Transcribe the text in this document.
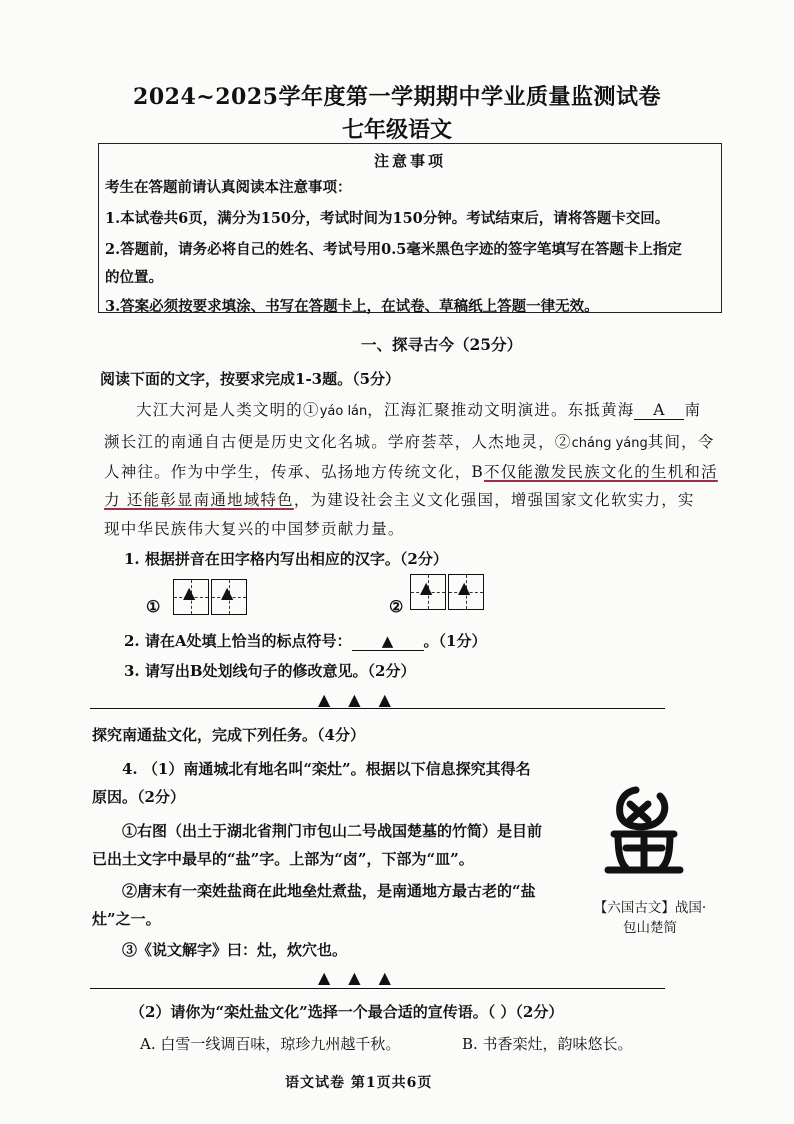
2024~2025学年度第一学期期中学业质量监测试卷
七年级语文
注意事项
考生在答题前请认真阅读本注意事项：
1.本试卷共6页，满分为150分，考试时间为150分钟。考试结束后，请将答题卡交回。
2.答题前，请务必将自己的姓名、考试号用0.5毫米黑色字迹的签字笔填写在答题卡上指定
的位置。
3.答案必须按要求填涂、书写在答题卡上，在试卷、草稿纸上答题一律无效。
一、探寻古今（25分）
阅读下面的文字，按要求完成1-3题。（5分）
大江大河是人类文明的①yáo lán，江海汇聚推动文明演进。东抵黄海 A 南
濒长江的南通自古便是历史文化名城。学府荟萃，人杰地灵，②cháng yáng其间，令
人神往。作为中学生，传承、弘扬地方传统文化，B不仅能激发民族文化的生机和活
力 还能彰显南通地域特色，为建设社会主义文化强国，增强国家文化软实力，实
现中华民族伟大复兴的中国梦贡献力量。
1. 根据拼音在田字格内写出相应的汉字。（2分）
①
▲ ▲
②
▲ ▲
2. 请在A处填上恰当的标点符号： ▲ 。（1分）
3. 请写出B处划线句子的修改意见。（2分）
▲▲▲
探究南通盐文化，完成下列任务。（4分）
4. （1）南通城北有地名叫“栾灶”。根据以下信息探究其得名
原因。（2分）
①右图（出土于湖北省荆门市包山二号战国楚墓的竹简）是目前
已出土文字中最早的“盐”字。上部为“卤”，下部为“皿”。
②唐末有一栾姓盐商在此地垒灶煮盐，是南通地方最古老的“盐
灶”之一。
③《说文解字》曰：灶，炊穴也。
【六国古文】战国·
包山楚简
▲▲▲
（2）请你为“栾灶盐文化”选择一个最合适的宣传语。（ ）（2分）
A. 白雪一线调百味，琼珍九州越千秋。	B. 书香栾灶，韵味悠长。
语文试卷 第1页共6页
